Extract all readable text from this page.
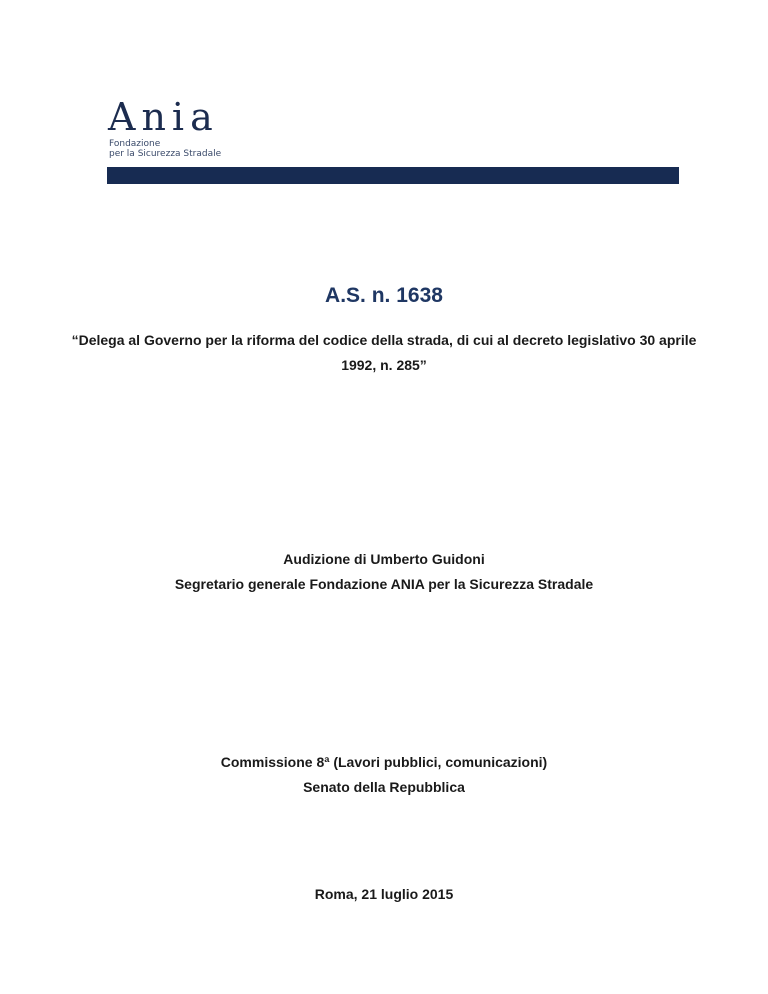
Ania
Fondazione
per la Sicurezza Stradale
A.S. n. 1638
“Delega al Governo per la riforma del codice della strada, di cui al decreto legislativo 30 aprile
1992, n. 285”
Audizione di Umberto Guidoni
Segretario generale Fondazione ANIA per la Sicurezza Stradale
Commissione 8ª (Lavori pubblici, comunicazioni)
Senato della Repubblica
Roma, 21 luglio 2015
